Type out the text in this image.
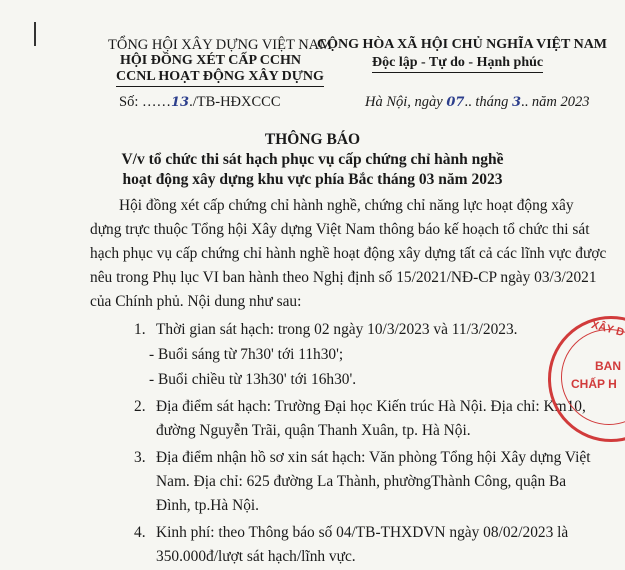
TỔNG HỘI XÂY DỰNG VIỆT NAM
HỘI ĐỒNG XÉT CẤP CCHN
CCNL HOẠT ĐỘNG XÂY DỰNG
CỘNG HÒA XÃ HỘI CHỦ NGHĨA VIỆT NAM
Độc lập - Tự do - Hạnh phúc
Số: ……13./TB-HĐXCCC	Hà Nội, ngày 07.. tháng 3.. năm 2023
THÔNG BÁO
V/v tổ chức thi sát hạch phục vụ cấp chứng chỉ hành nghề
hoạt động xây dựng khu vực phía Bắc tháng 03 năm 2023
Hội đồng xét cấp chứng chỉ hành nghề, chứng chỉ năng lực hoạt động xây
dựng trực thuộc Tổng hội Xây dựng Việt Nam thông báo kế hoạch tổ chức thi sát
hạch phục vụ cấp chứng chỉ hành nghề hoạt động xây dựng tất cả các lĩnh vực được
nêu trong Phụ lục VI ban hành theo Nghị định số 15/2021/NĐ-CP ngày 03/3/2021
của Chính phủ. Nội dung như sau:
1. Thời gian sát hạch: trong 02 ngày 10/3/2023 và 11/3/2023.
- Buổi sáng từ 7h30' tới 11h30';
- Buổi chiều từ 13h30' tới 16h30'.
2. Địa điểm sát hạch: Trường Đại học Kiến trúc Hà Nội. Địa chỉ: Km10,
đường Nguyễn Trãi, quận Thanh Xuân, tp. Hà Nội.
3. Địa điểm nhận hồ sơ xin sát hạch: Văn phòng Tổng hội Xây dựng Việt
Nam. Địa chỉ: 625 đường La Thành, phườngThành Công, quận Ba
Đình, tp.Hà Nội.
4. Kinh phí: theo Thông báo số 04/TB-THXDVN ngày 08/02/2023 là
350.000đ/lượt sát hạch/lĩnh vực.
XÂY D
BAN
CHẤP H
